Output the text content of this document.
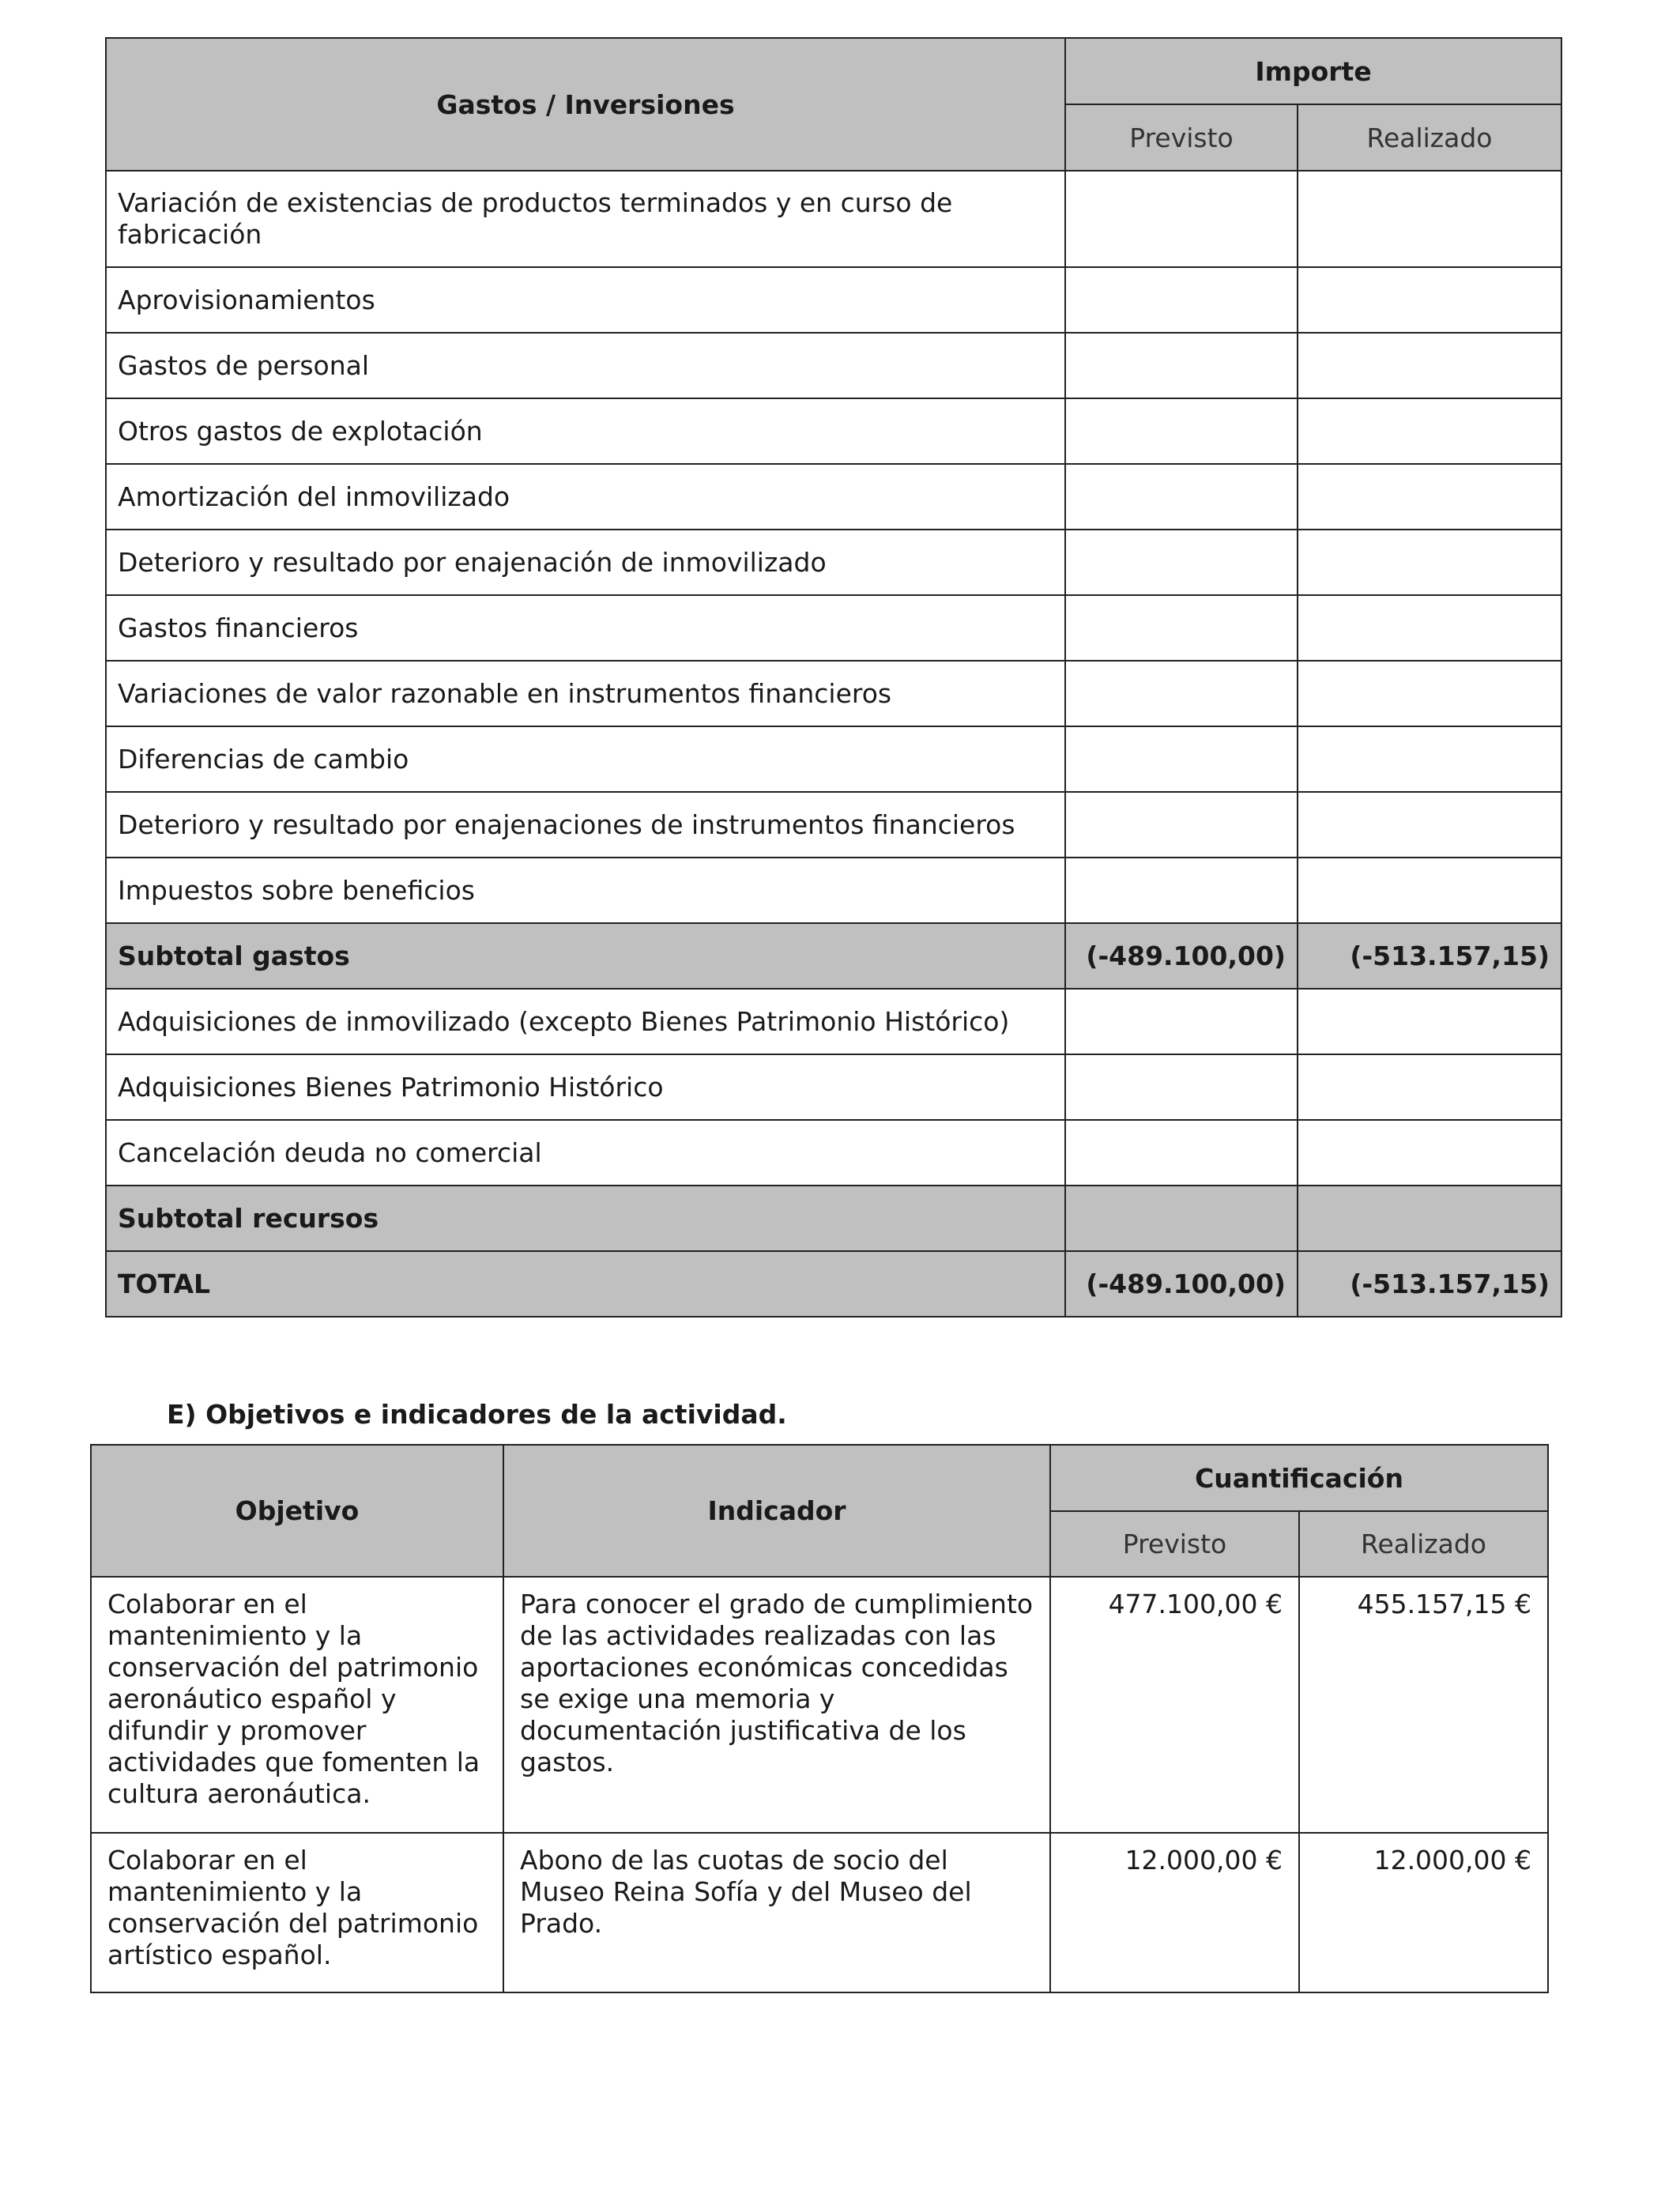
Gastos / Inversiones	Importe	
	Previsto	Realizado
Variación de existencias de productos terminados y en curso de fabricación		
Aprovisionamientos		
Gastos de personal		
Otros gastos de explotación		
Amortización del inmovilizado		
Deterioro y resultado por enajenación de inmovilizado		
Gastos financieros		
Variaciones de valor razonable en instrumentos financieros		
Diferencias de cambio		
Deterioro y resultado por enajenaciones de instrumentos financieros		
Impuestos sobre beneficios		
Subtotal gastos	(-489.100,00)	(-513.157,15)
Adquisiciones de inmovilizado (excepto Bienes Patrimonio Histórico)		
Adquisiciones Bienes Patrimonio Histórico		
Cancelación deuda no comercial		
Subtotal recursos		
TOTAL	(-489.100,00)	(-513.157,15)
E) Objetivos e indicadores de la actividad.
Objetivo	Indicador	Cuantificación	
		Previsto	Realizado
Colaborar en el mantenimiento y la conservación del patrimonio aeronáutico español y difundir y promover actividades que fomenten la cultura aeronáutica.	Para conocer el grado de cumplimiento de las actividades realizadas con las aportaciones económicas concedidas se exige una memoria y documentación justificativa de los gastos.	477.100,00 €	455.157,15 €
Colaborar en el mantenimiento y la conservación del patrimonio artístico español.	Abono de las cuotas de socio del Museo Reina Sofía y del Museo del Prado.	12.000,00 €	12.000,00 €
